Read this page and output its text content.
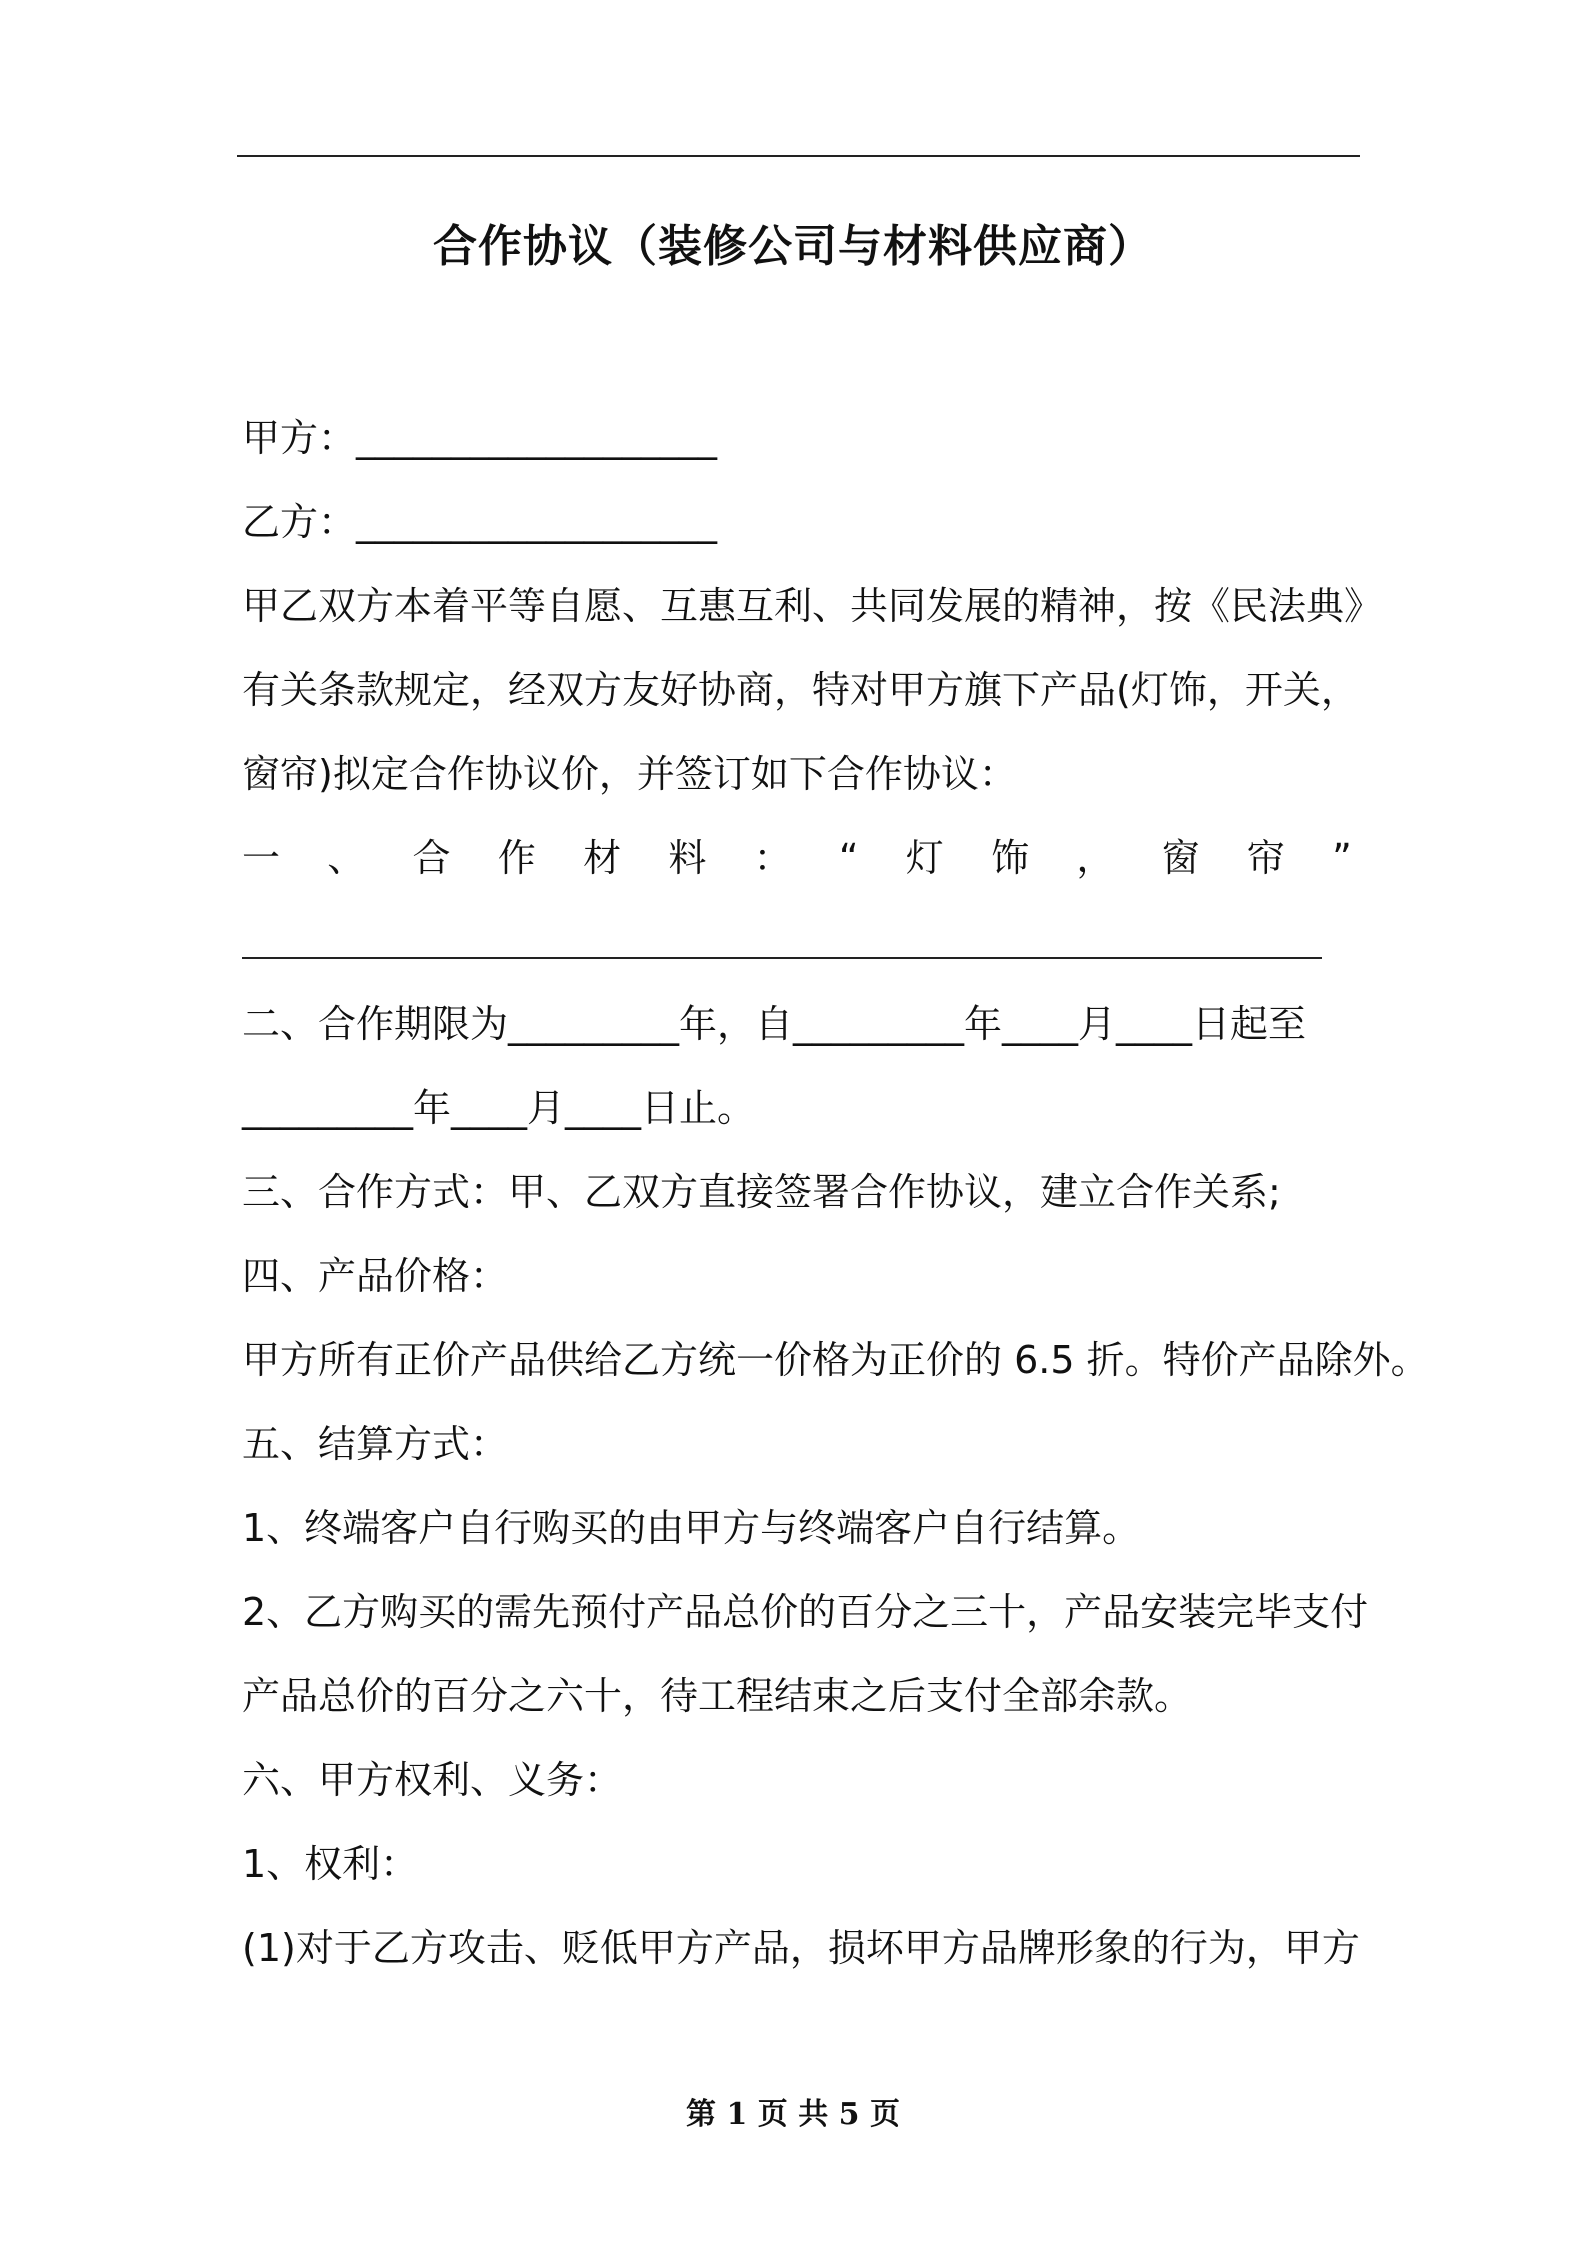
合作协议（装修公司与材料供应商）

甲方：___________________

乙方：___________________

甲乙双方本着平等自愿、互惠互利、共同发展的精神，按《民法典》

有关条款规定，经双方友好协商，特对甲方旗下产品(灯饰，开关，

窗帘)拟定合作协议价，并签订如下合作协议：

一 、 合 作 材 料 ： “ 灯 饰 ， 窗 帘 ”

二、合作期限为_________年，自_________年____月____日起至

_________年____月____日止。

三、合作方式：甲、乙双方直接签署合作协议，建立合作关系;

四、产品价格：

甲方所有正价产品供给乙方统一价格为正价的 6.5 折。特价产品除外。

五、结算方式：

1、终端客户自行购买的由甲方与终端客户自行结算。

2、乙方购买的需先预付产品总价的百分之三十，产品安装完毕支付

产品总价的百分之六十，待工程结束之后支付全部余款。

六、甲方权利、义务：

1、权利：

(1)对于乙方攻击、贬低甲方产品，损坏甲方品牌形象的行为，甲方

第 1 页 共 5 页
